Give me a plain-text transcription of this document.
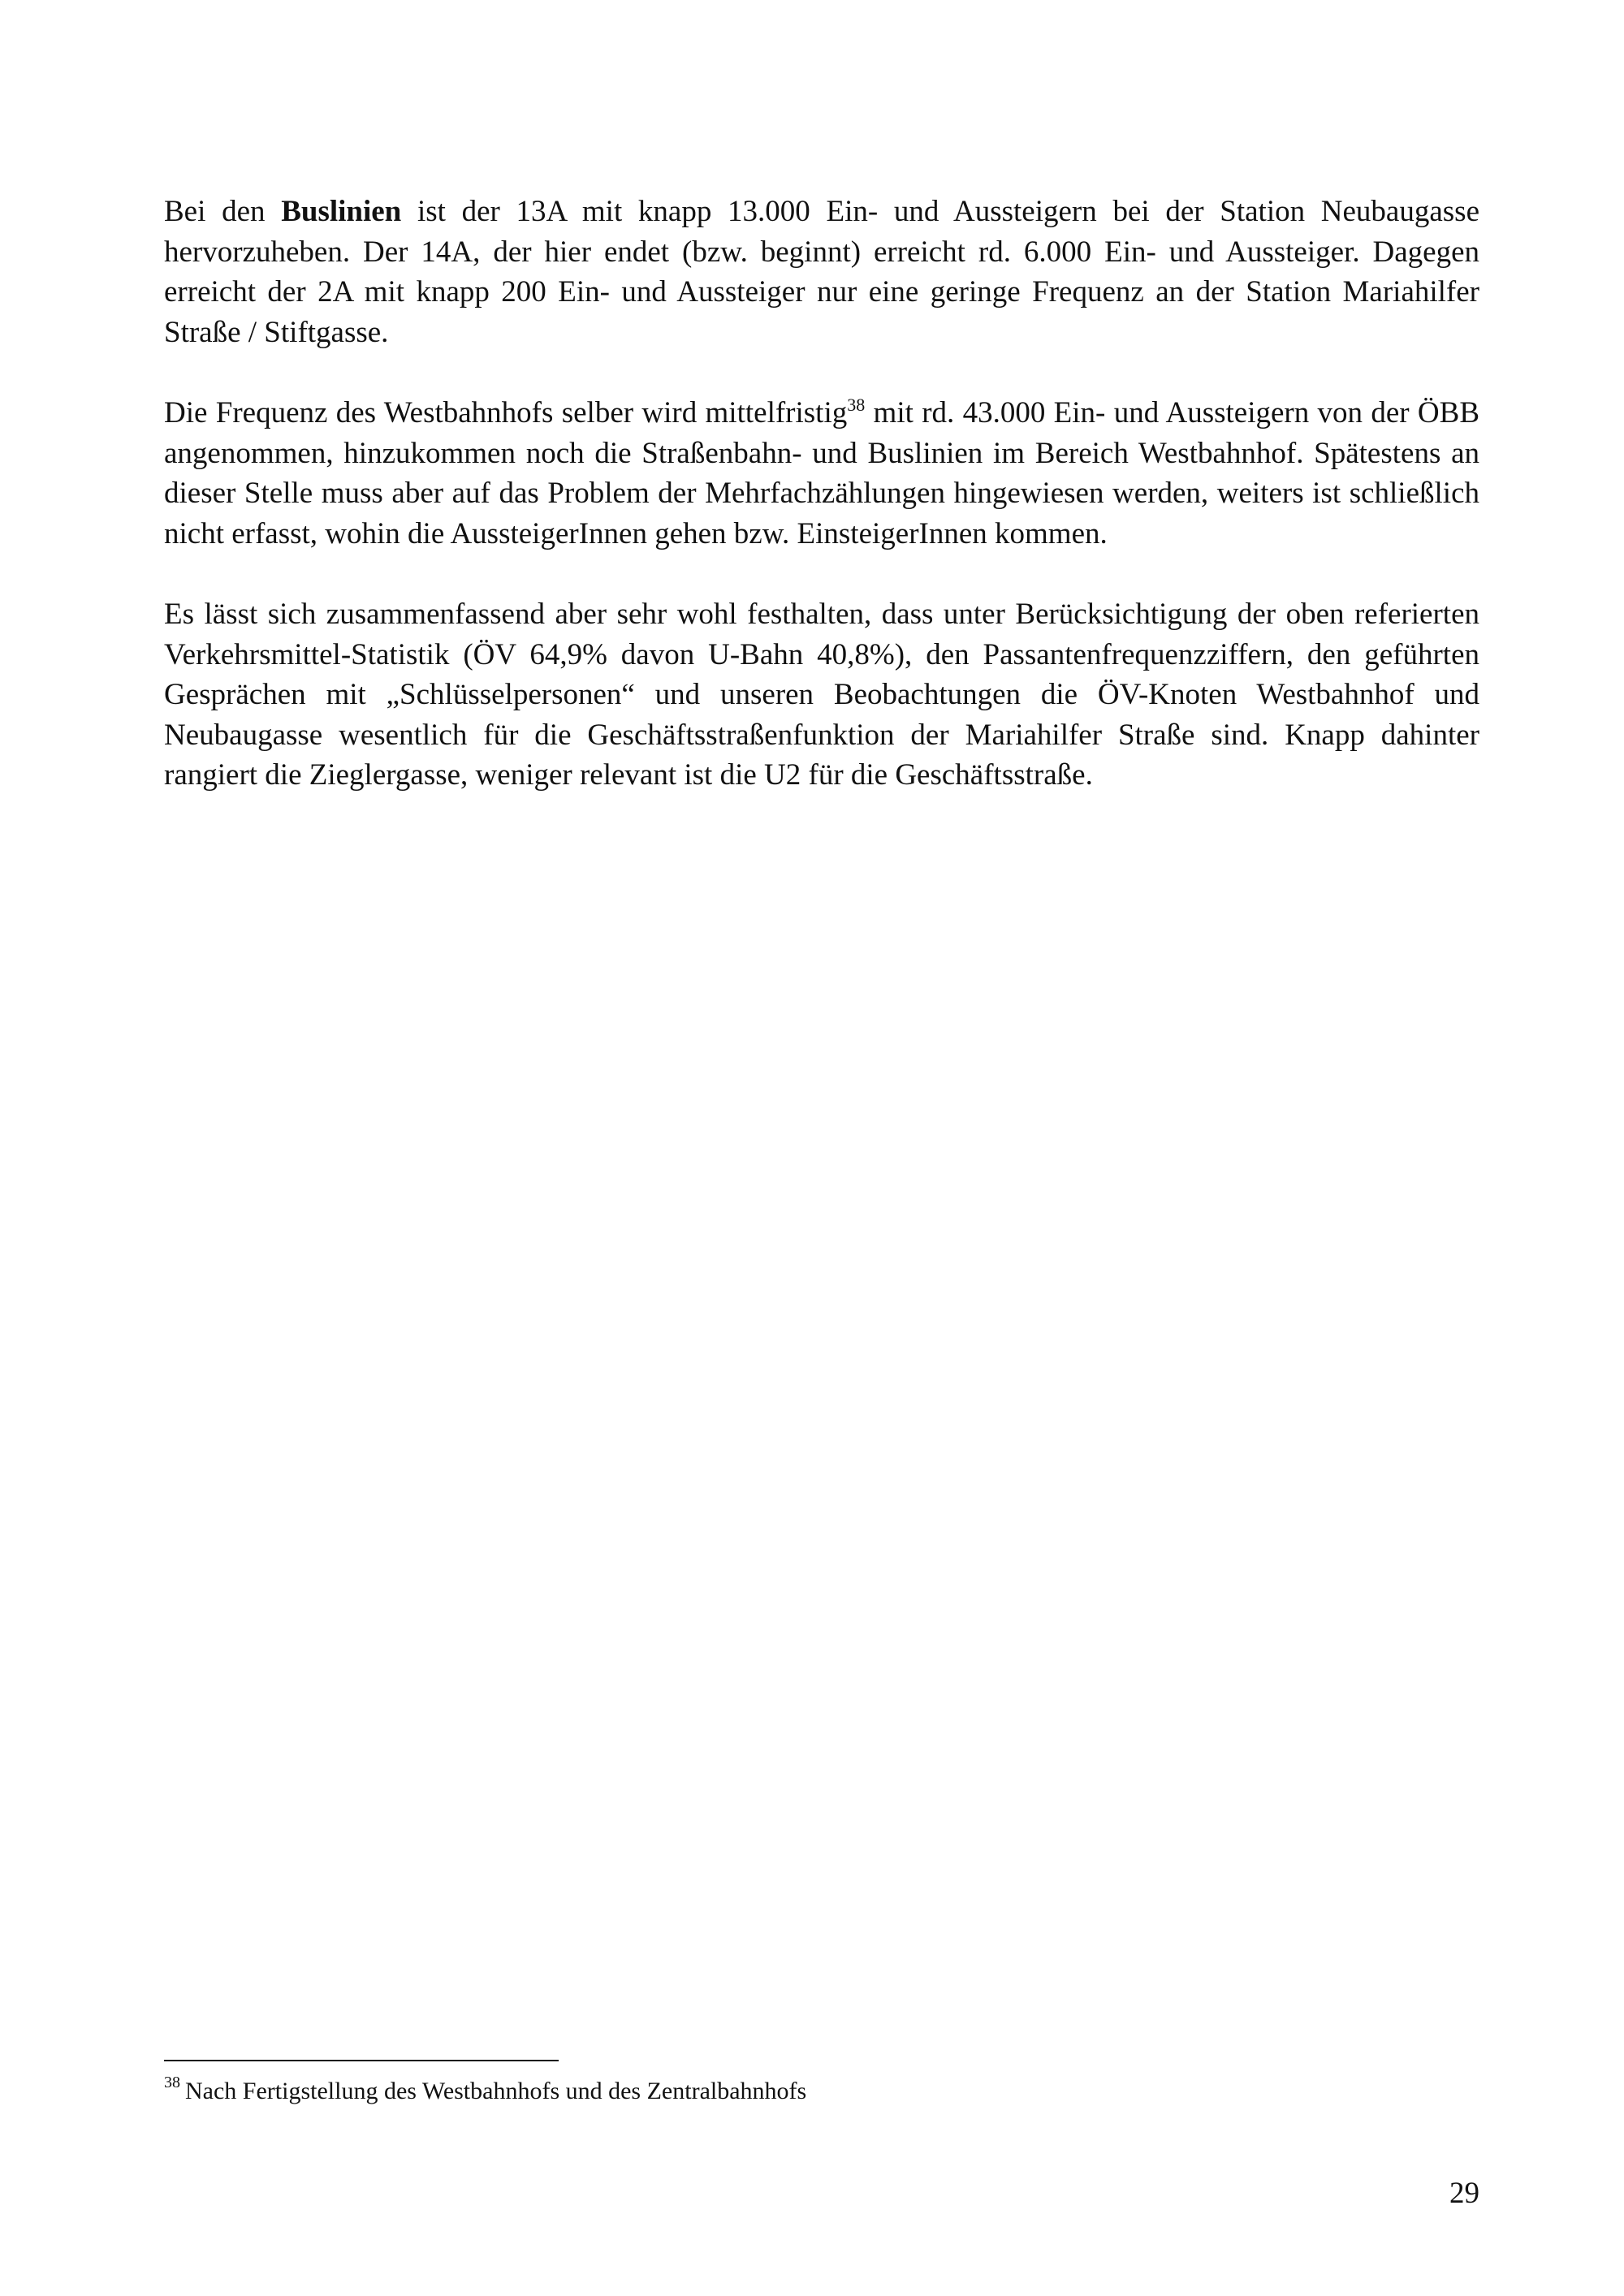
Bei den Buslinien ist der 13A mit knapp 13.000 Ein- und Aussteigern bei der Station Neubaugasse hervorzuheben. Der 14A, der hier endet (bzw. beginnt) erreicht rd. 6.000 Ein- und Aussteiger. Dagegen erreicht der 2A mit knapp 200 Ein- und Aussteiger nur eine geringe Frequenz an der Station Mariahilfer Straße / Stiftgasse.

Die Frequenz des Westbahnhofs selber wird mittelfristig$^{38}$ mit rd. 43.000 Ein- und Aussteigern von der ÖBB angenommen, hinzukommen noch die Straßenbahn- und Buslinien im Bereich Westbahnhof. Spätestens an dieser Stelle muss aber auf das Problem der Mehrfachzählungen hingewiesen werden, weiters ist schließlich nicht erfasst, wohin die AussteigerInnen gehen bzw. EinsteigerInnen kommen.

Es lässt sich zusammenfassend aber sehr wohl festhalten, dass unter Berücksichtigung der oben referierten Verkehrsmittel-Statistik (ÖV 64,9% davon U-Bahn 40,8%), den Passantenfrequenzziffern, den geführten Gesprächen mit „Schlüsselpersonen“ und unseren Beobachtungen die ÖV-Knoten Westbahnhof und Neubaugasse wesentlich für die Geschäftsstraßenfunktion der Mariahilfer Straße sind. Knapp dahinter rangiert die Zieglergasse, weniger relevant ist die U2 für die Geschäftsstraße.

$^{38}$ Nach Fertigstellung des Westbahnhofs und des Zentralbahnhofs
29
